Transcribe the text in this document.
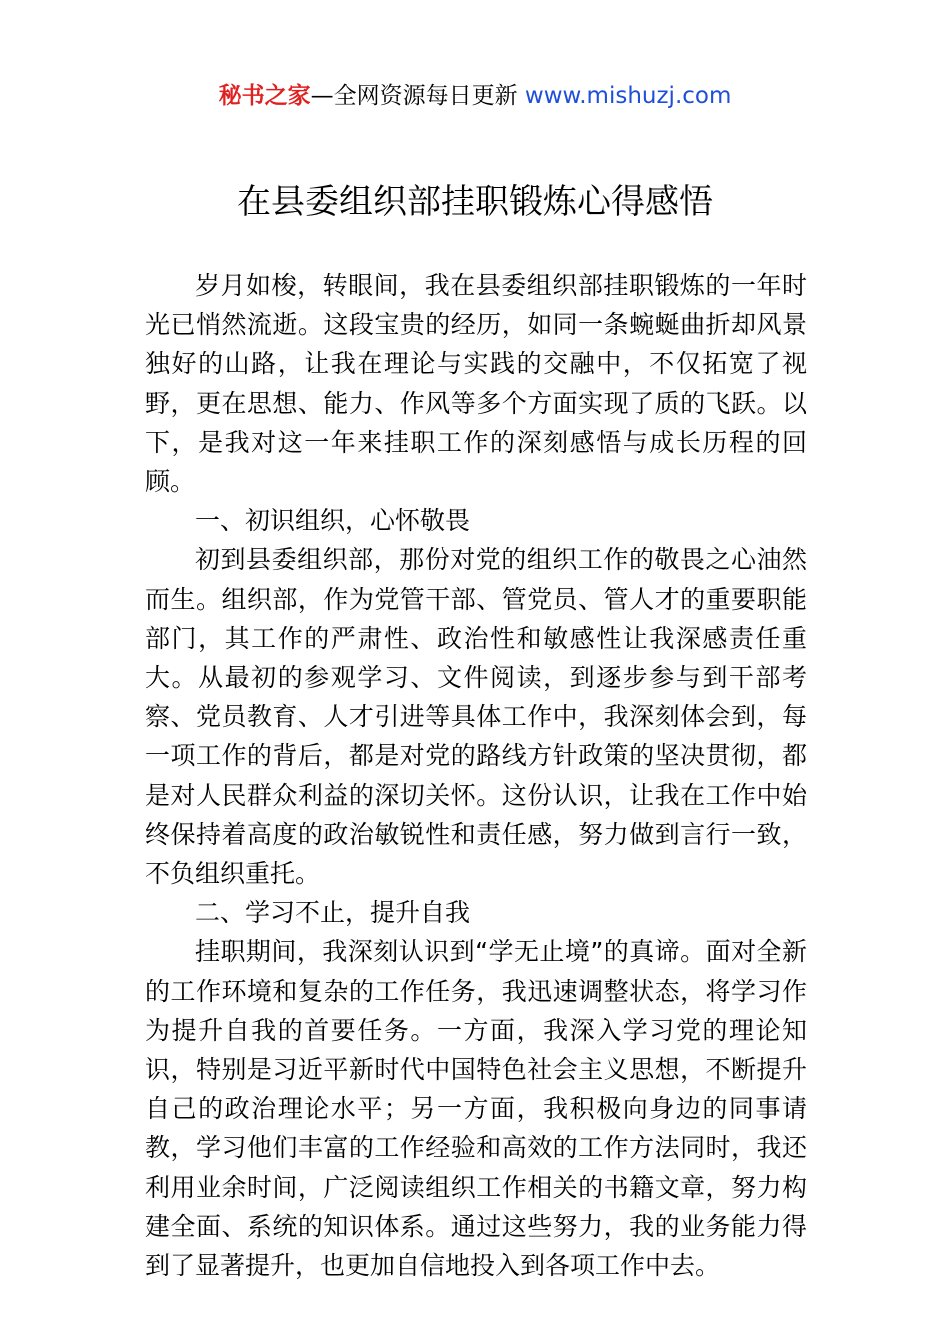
秘书之家—全网资源每日更新 www.mishuzj.com
在县委组织部挂职锻炼心得感悟

岁月如梭，转眼间，我在县委组织部挂职锻炼的一年时光已悄然流逝。这段宝贵的经历，如同一条蜿蜒曲折却风景独好的山路，让我在理论与实践的交融中，不仅拓宽了视野，更在思想、能力、作风等多个方面实现了质的飞跃。以下，是我对这一年来挂职工作的深刻感悟与成长历程的回顾。

一、初识组织，心怀敬畏

初到县委组织部，那份对党的组织工作的敬畏之心油然而生。组织部，作为党管干部、管党员、管人才的重要职能部门，其工作的严肃性、政治性和敏感性让我深感责任重大。从最初的参观学习、文件阅读，到逐步参与到干部考察、党员教育、人才引进等具体工作中，我深刻体会到，每一项工作的背后，都是对党的路线方针政策的坚决贯彻，都是对人民群众利益的深切关怀。这份认识，让我在工作中始终保持着高度的政治敏锐性和责任感，努力做到言行一致，不负组织重托。

二、学习不止，提升自我

挂职期间，我深刻认识到“学无止境”的真谛。面对全新的工作环境和复杂的工作任务，我迅速调整状态，将学习作为提升自我的首要任务。一方面，我深入学习党的理论知识，特别是习近平新时代中国特色社会主义思想，不断提升自己的政治理论水平；另一方面，我积极向身边的同事请教，学习他们丰富的工作经验和高效的工作方法同时，我还利用业余时间，广泛阅读组织工作相关的书籍文章，努力构建全面、系统的知识体系。通过这些努力，我的业务能力得到了显著提升，也更加自信地投入到各项工作中去。
